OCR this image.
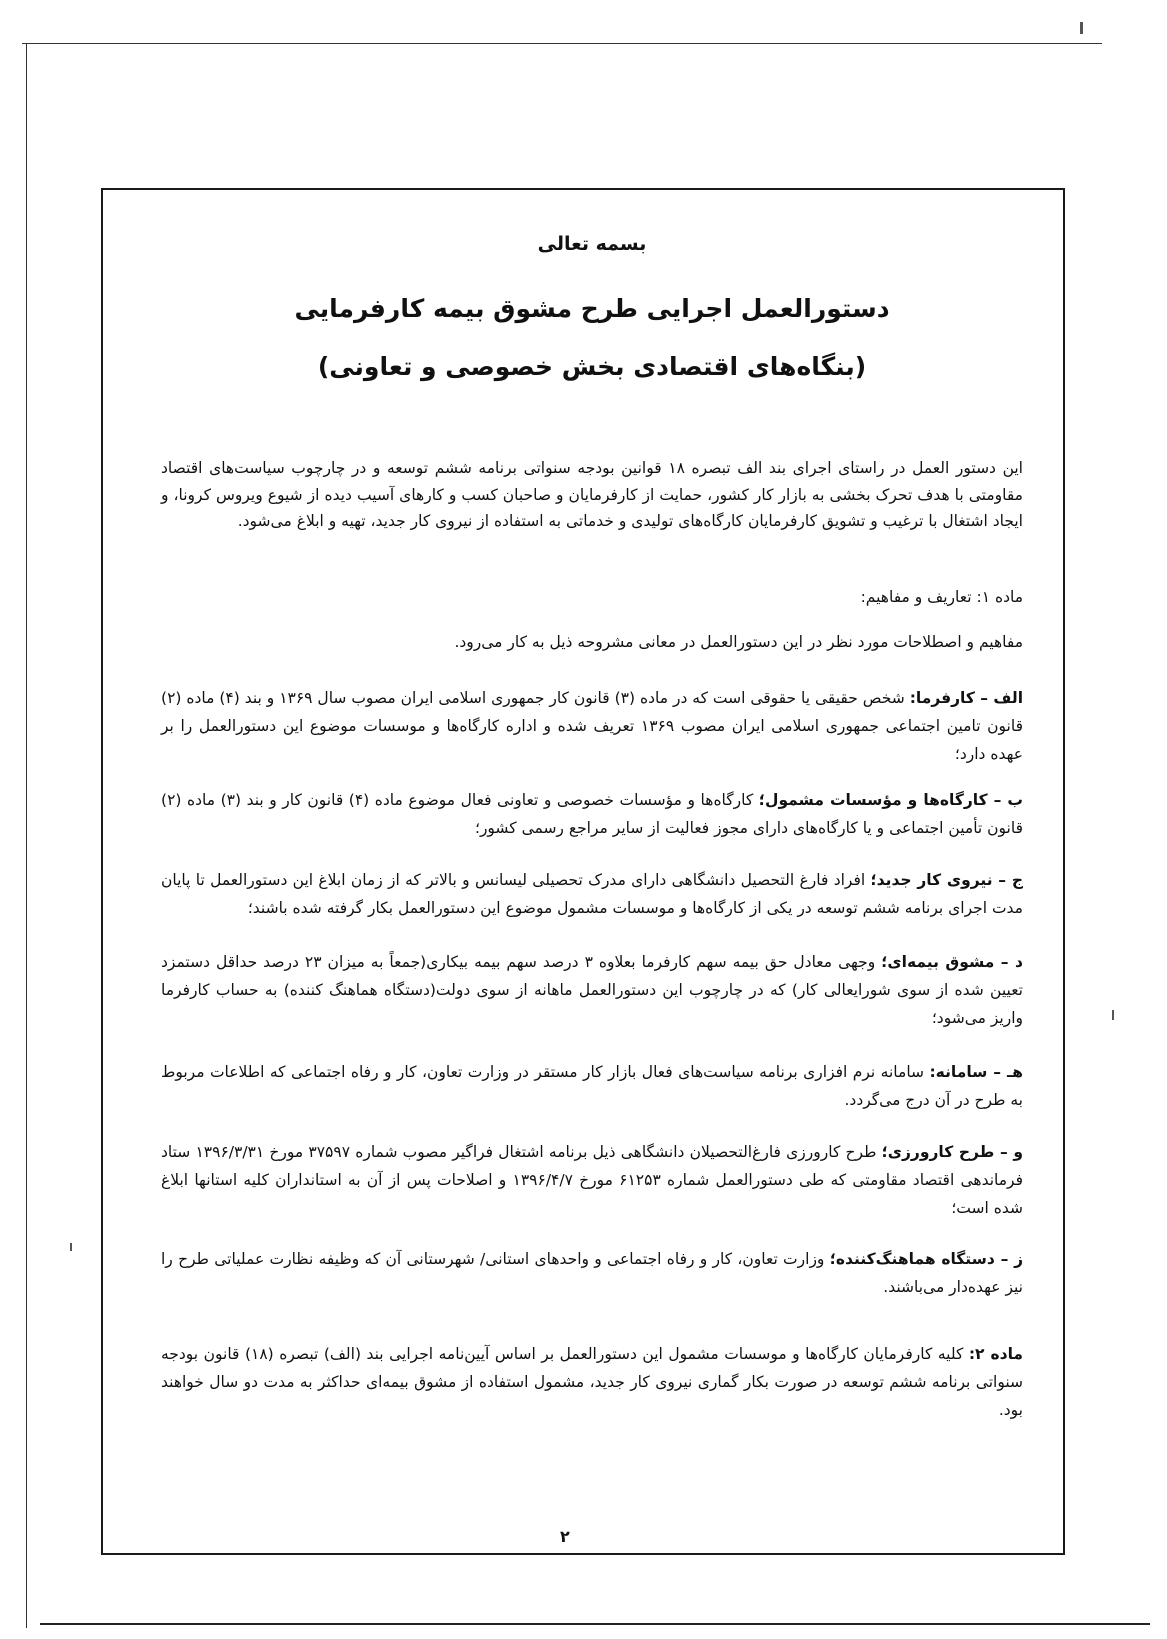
بسمه تعالی
دستورالعمل اجرایی طرح مشوق بیمه کارفرمایی
(بنگاه‌های اقتصادی بخش خصوصی و تعاونی)
این دستور العمل در راستای اجرای بند الف تبصره ۱۸ قوانین بودجه سنواتی برنامه ششم توسعه و در چارچوب سیاست‌های اقتصاد مقاومتی با هدف تحرک بخشی به بازار کار کشور، حمایت از کارفرمایان و صاحبان کسب و کارهای آسیب دیده از شیوع ویروس کرونا، و ایجاد اشتغال با ترغیب و تشویق کارفرمایان کارگاه‌های تولیدی و خدماتی به استفاده از نیروی کار جدید، تهیه و ابلاغ می‌شود.
ماده ۱: تعاریف و مفاهیم:
مفاهیم و اصطلاحات مورد نظر در این دستورالعمل در معانی مشروحه ذیل به کار می‌رود.
الف – کارفرما: شخص حقیقی یا حقوقی است که در ماده (۳) قانون کار جمهوری اسلامی ایران مصوب سال ۱۳۶۹ و بند (۴) ماده (۲) قانون تامین اجتماعی جمهوری اسلامی ایران مصوب ۱۳۶۹ تعریف شده و اداره کارگاه‌ها و موسسات موضوع این دستورالعمل را بر عهده دارد؛
ب – کارگاه‌ها و مؤسسات مشمول؛ کارگاه‌ها و مؤسسات خصوصی و تعاونی فعال موضوع ماده (۴) قانون کار و بند (۳) ماده (۲) قانون تأمین اجتماعی و یا کارگاه‌های دارای مجوز فعالیت از سایر مراجع رسمی کشور؛
ج – نیروی کار جدید؛ افراد فارغ التحصیل دانشگاهی دارای مدرک تحصیلی لیسانس و بالاتر که از زمان ابلاغ این دستورالعمل تا پایان مدت اجرای برنامه ششم توسعه در یکی از کارگاه‌ها و موسسات مشمول موضوع این دستورالعمل بکار گرفته شده باشند؛
د – مشوق بیمه‌ای؛ وجهی معادل حق بیمه سهم کارفرما بعلاوه ۳ درصد سهم بیمه بیکاری(جمعاً به میزان ۲۳ درصد حداقل دستمزد تعیین شده از سوی شورایعالی کار) که در چارچوب این دستورالعمل ماهانه از سوی دولت(دستگاه هماهنگ کننده) به حساب کارفرما واریز می‌شود؛
هـ – سامانه: سامانه نرم افزاری برنامه سیاست‌های فعال بازار کار مستقر در وزارت تعاون، کار و رفاه اجتماعی که اطلاعات مربوط به طرح در آن درج می‌گردد.
و – طرح کارورزی؛ طرح کارورزی فارغ‌التحصیلان دانشگاهی ذیل برنامه اشتغال فراگیر مصوب شماره ۳۷۵۹۷ مورخ ۱۳۹۶/۳/۳۱ ستاد فرماندهی اقتصاد مقاومتی که طی دستورالعمل شماره ۶۱۲۵۳ مورخ ۱۳۹۶/۴/۷ و اصلاحات پس از آن به استانداران کلیه استانها ابلاغ شده است؛
ز – دستگاه هماهنگ‌کننده؛ وزارت تعاون، کار و رفاه اجتماعی و واحدهای استانی/ شهرستانی آن که وظیفه نظارت عملیاتی طرح را نیز عهده‌دار می‌باشند.
ماده ۲: کلیه کارفرمایان کارگاه‌ها و موسسات مشمول این دستورالعمل بر اساس آیین‌نامه اجرایی بند (الف) تبصره (۱۸) قانون بودجه سنواتی برنامه ششم توسعه در صورت بکار گماری نیروی کار جدید، مشمول استفاده از مشوق بیمه‌ای حداکثر به مدت دو سال خواهند بود.
۲
